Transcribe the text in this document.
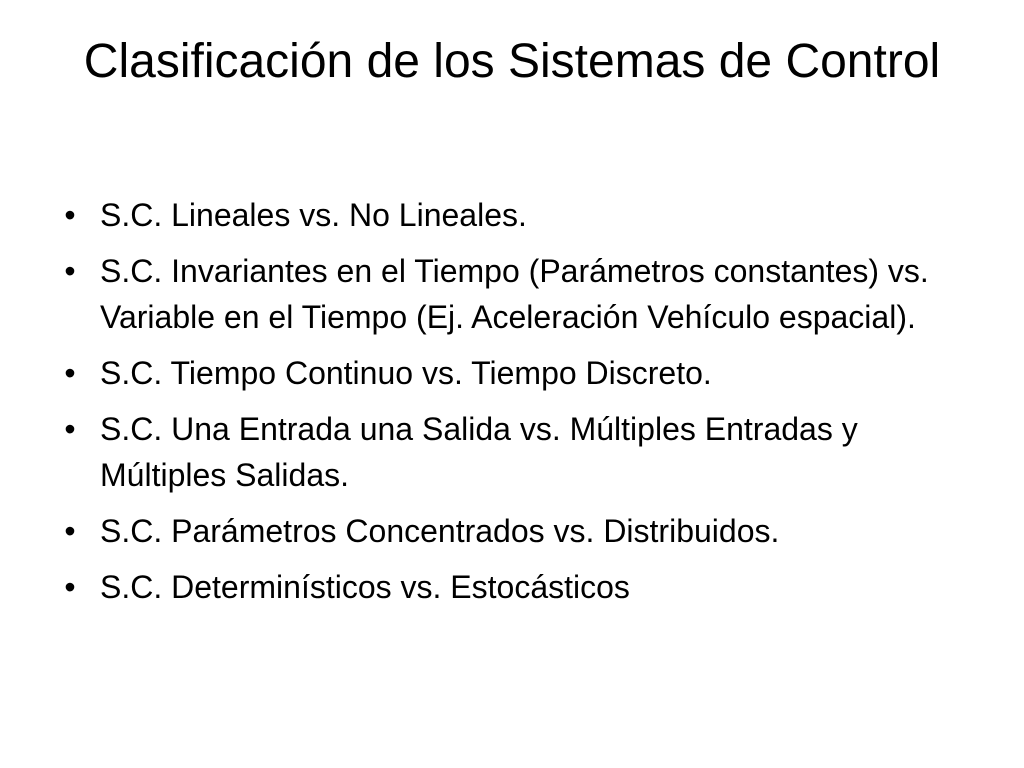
Clasificación de los Sistemas de Control
• S.C. Lineales vs. No Lineales.
• S.C. Invariantes en el Tiempo (Parámetros constantes) vs. Variable en el Tiempo (Ej. Aceleración Vehículo espacial).
• S.C. Tiempo Continuo vs. Tiempo Discreto.
• S.C. Una Entrada una Salida vs. Múltiples Entradas y Múltiples Salidas.
• S.C. Parámetros Concentrados vs. Distribuidos.
• S.C. Determinísticos vs. Estocásticos
